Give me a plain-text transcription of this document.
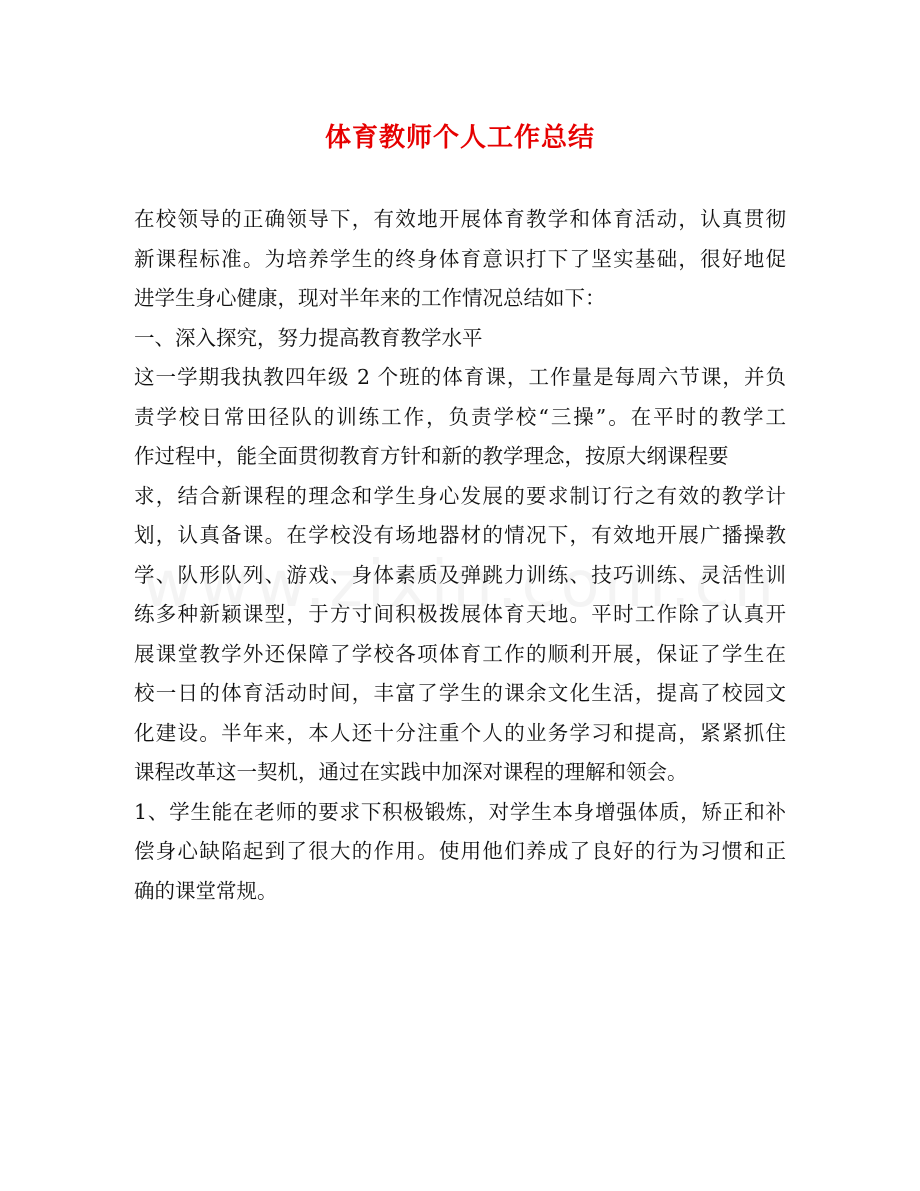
体育教师个人工作总结
在校领导的正确领导下，有效地开展体育教学和体育活动，认真贯彻
新课程标准。为培养学生的终身体育意识打下了坚实基础，很好地促
进学生身心健康，现对半年来的工作情况总结如下：
一、深入探究，努力提高教育教学水平
这一学期我执教四年级 2 个班的体育课，工作量是每周六节课，并负
责学校日常田径队的训练工作，负责学校“三操”。在平时的教学工
作过程中，能全面贯彻教育方针和新的教学理念，按原大纲课程要
求，结合新课程的理念和学生身心发展的要求制订行之有效的教学计
划，认真备课。在学校没有场地器材的情况下，有效地开展广播操教
学、队形队列、游戏、身体素质及弹跳力训练、技巧训练、灵活性训
练多种新颖课型，于方寸间积极拨展体育天地。平时工作除了认真开
展课堂教学外还保障了学校各项体育工作的顺利开展，保证了学生在
校一日的体育活动时间，丰富了学生的课余文化生活，提高了校园文
化建设。半年来，本人还十分注重个人的业务学习和提高，紧紧抓住
课程改革这一契机，通过在实践中加深对课程的理解和领会。
1、学生能在老师的要求下积极锻炼，对学生本身增强体质，矫正和补
偿身心缺陷起到了很大的作用。使用他们养成了良好的行为习惯和正
确的课堂常规。
